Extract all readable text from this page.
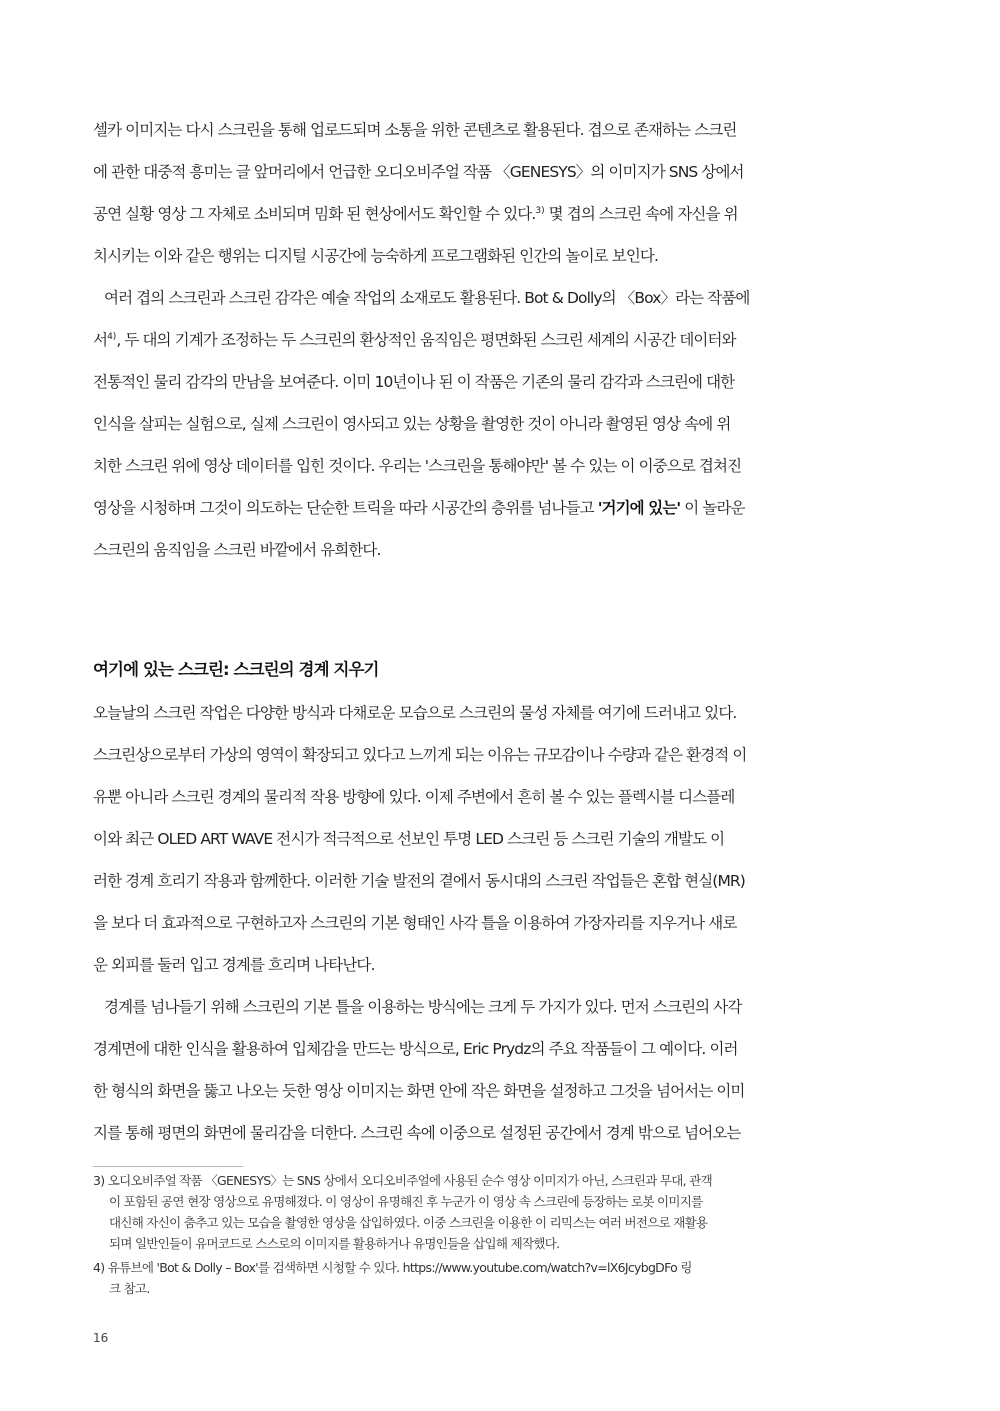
셀카 이미지는 다시 스크린을 통해 업로드되며 소통을 위한 콘텐츠로 활용된다. 겹으로 존재하는 스크린
에 관한 대중적 흥미는 글 앞머리에서 언급한 오디오비주얼 작품 〈GENESYS〉의 이미지가 SNS 상에서
공연 실황 영상 그 자체로 소비되며 밈화 된 현상에서도 확인할 수 있다.$^{3)}$ 몇 겹의 스크린 속에 자신을 위
치시키는 이와 같은 행위는 디지털 시공간에 능숙하게 프로그램화된 인간의 놀이로 보인다.
여러 겹의 스크린과 스크린 감각은 예술 작업의 소재로도 활용된다. Bot & Dolly의 〈Box〉라는 작품에
서$^{4)}$, 두 대의 기계가 조정하는 두 스크린의 환상적인 움직임은 평면화된 스크린 세계의 시공간 데이터와
전통적인 물리 감각의 만남을 보여준다. 이미 10년이나 된 이 작품은 기존의 물리 감각과 스크린에 대한
인식을 살피는 실험으로, 실제 스크린이 영사되고 있는 상황을 촬영한 것이 아니라 촬영된 영상 속에 위
치한 스크린 위에 영상 데이터를 입힌 것이다. 우리는 '스크린을 통해야만' 볼 수 있는 이 이중으로 겹쳐진
영상을 시청하며 그것이 의도하는 단순한 트릭을 따라 시공간의 층위를 넘나들고 '거기에 있는' 이 놀라운
스크린의 움직임을 스크린 바깥에서 유희한다.
여기에 있는 스크린: 스크린의 경계 지우기
오늘날의 스크린 작업은 다양한 방식과 다채로운 모습으로 스크린의 물성 자체를 여기에 드러내고 있다.
스크린상으로부터 가상의 영역이 확장되고 있다고 느끼게 되는 이유는 규모감이나 수량과 같은 환경적 이
유뿐 아니라 스크린 경계의 물리적 작용 방향에 있다. 이제 주변에서 흔히 볼 수 있는 플렉시블 디스플레
이와 최근 OLED ART WAVE 전시가 적극적으로 선보인 투명 LED 스크린 등 스크린 기술의 개발도 이
러한 경계 흐리기 작용과 함께한다. 이러한 기술 발전의 곁에서 동시대의 스크린 작업들은 혼합 현실(MR)
을 보다 더 효과적으로 구현하고자 스크린의 기본 형태인 사각 틀을 이용하여 가장자리를 지우거나 새로
운 외피를 둘러 입고 경계를 흐리며 나타난다.
경계를 넘나들기 위해 스크린의 기본 틀을 이용하는 방식에는 크게 두 가지가 있다. 먼저 스크린의 사각
경계면에 대한 인식을 활용하여 입체감을 만드는 방식으로, Eric Prydz의 주요 작품들이 그 예이다. 이러
한 형식의 화면을 뚫고 나오는 듯한 영상 이미지는 화면 안에 작은 화면을 설정하고 그것을 넘어서는 이미
지를 통해 평면의 화면에 물리감을 더한다. 스크린 속에 이중으로 설정된 공간에서 경계 밖으로 넘어오는
3) 오디오비주얼 작품 〈GENESYS〉는 SNS 상에서 오디오비주얼에 사용된 순수 영상 이미지가 아닌, 스크린과 무대, 관객
이 포함된 공연 현장 영상으로 유명해졌다. 이 영상이 유명해진 후 누군가 이 영상 속 스크린에 등장하는 로봇 이미지를
대신해 자신이 춤추고 있는 모습을 촬영한 영상을 삽입하였다. 이중 스크린을 이용한 이 리믹스는 여러 버전으로 재활용
되며 일반인들이 유머코드로 스스로의 이미지를 활용하거나 유명인들을 삽입해 제작했다.
4) 유튜브에 'Bot & Dolly – Box'를 검색하면 시청할 수 있다. https://www.youtube.com/watch?v=lX6JcybgDFo 링
크 참고.
16
